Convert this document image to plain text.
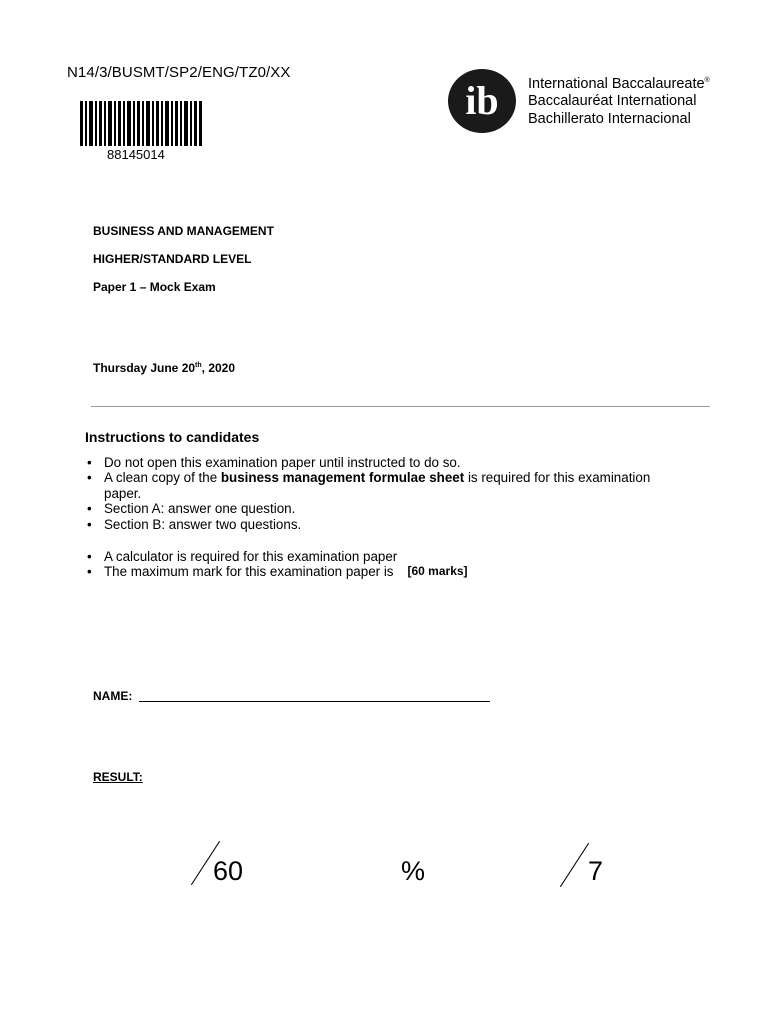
N14/3/BUSMT/SP2/ENG/TZ0/XX
88145014
ib International Baccalaureate®
Baccalauréat International
Bachillerato Internacional
BUSINESS AND MANAGEMENT
HIGHER/STANDARD LEVEL
Paper 1 – Mock Exam
Thursday June 20th, 2020
Instructions to candidates
• Do not open this examination paper until instructed to do so.
• A clean copy of the business management formulae sheet is required for this examination paper.
• Section A: answer one question.
• Section B: answer two questions.
• A calculator is required for this examination paper
• The maximum mark for this examination paper is [60 marks]
NAME:
RESULT:
60	%	7
